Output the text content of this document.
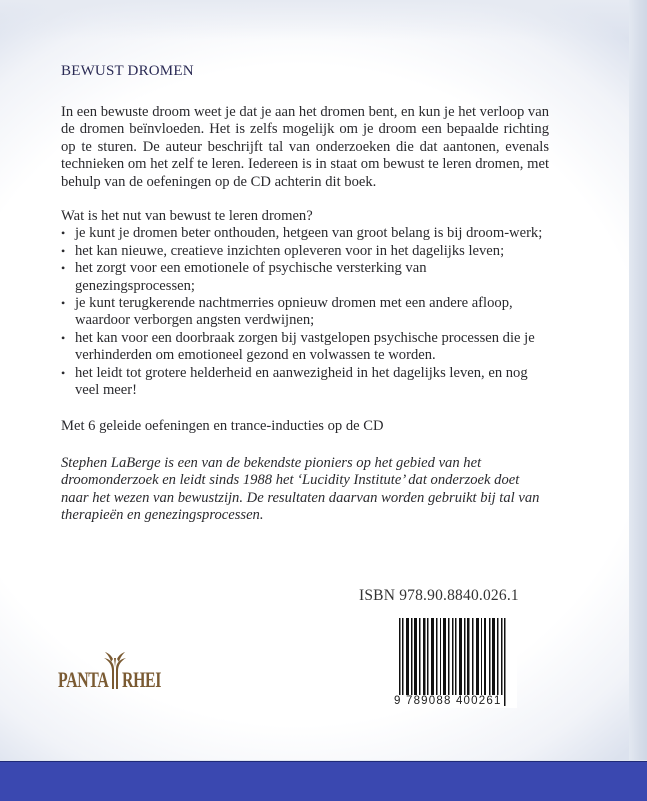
BEWUST DROMEN

In een bewuste droom weet je dat je aan het dromen bent, en kun je het verloop van de dromen beïnvloeden. Het is zelfs mogelijk om je droom een bepaalde richting op te sturen. De auteur beschrijft tal van onderzoeken die dat aantonen, evenals technieken om het zelf te leren. Iedereen is in staat om bewust te leren dromen, met behulp van de oefeningen op de CD achterin dit boek.

Wat is het nut van bewust te leren dromen?

• je kunt je dromen beter onthouden, hetgeen van groot belang is bij droom-werk;
• het kan nieuwe, creatieve inzichten opleveren voor in het dagelijks leven;
• het zorgt voor een emotionele of psychische versterking van genezingsprocessen;
• je kunt terugkerende nachtmerries opnieuw dromen met een andere afloop, waardoor verborgen angsten verdwijnen;
• het kan voor een doorbraak zorgen bij vastgelopen psychische processen die je verhinderden om emotioneel gezond en volwassen te worden.
• het leidt tot grotere helderheid en aanwezigheid in het dagelijks leven, en nog veel meer!

Met 6 geleide oefeningen en trance-inducties op de CD

Stephen LaBerge is een van de bekendste pioniers op het gebied van het droomonderzoek en leidt sinds 1988 het ‘Lucidity Institute’ dat onderzoek doet naar het wezen van bewustzijn. De resultaten daarvan worden gebruikt bij tal van therapieën en genezingsprocessen.

ISBN 978.90.8840.026.1
9 789088 400261
PANTA RHEI
